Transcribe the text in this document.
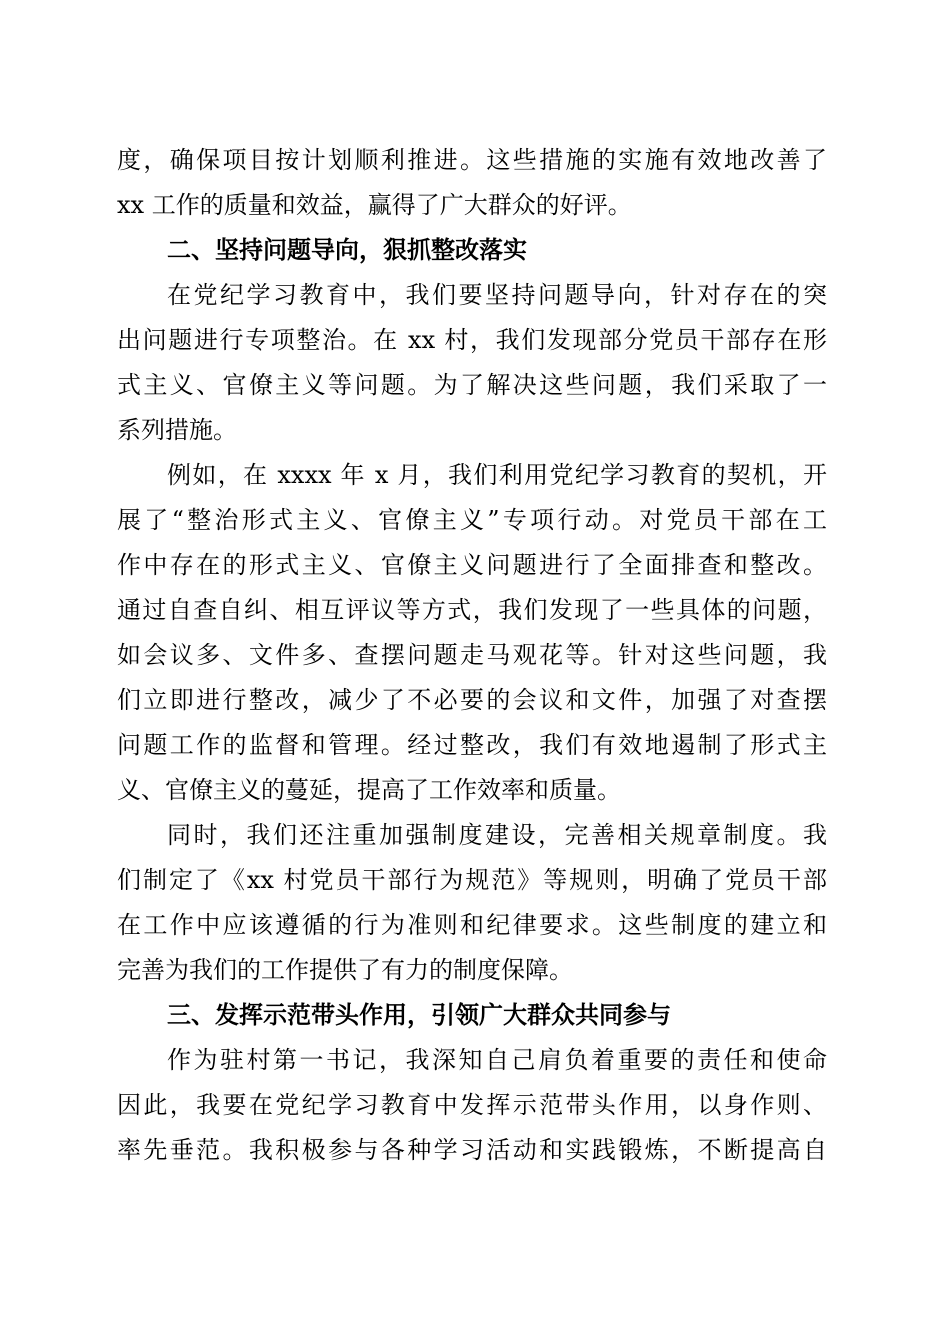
度，确保项目按计划顺利推进。这些措施的实施有效地改善了
xx 工作的质量和效益，赢得了广大群众的好评。
二、坚持问题导向，狠抓整改落实
在党纪学习教育中，我们要坚持问题导向，针对存在的突
出问题进行专项整治。在 xx 村，我们发现部分党员干部存在形
式主义、官僚主义等问题。为了解决这些问题，我们采取了一
系列措施。
例如，在 xxxx 年 x 月，我们利用党纪学习教育的契机，开
展了“整治形式主义、官僚主义”专项行动。对党员干部在工
作中存在的形式主义、官僚主义问题进行了全面排查和整改。
通过自查自纠、相互评议等方式，我们发现了一些具体的问题，
如会议多、文件多、查摆问题走马观花等。针对这些问题，我
们立即进行整改，减少了不必要的会议和文件，加强了对查摆
问题工作的监督和管理。经过整改，我们有效地遏制了形式主
义、官僚主义的蔓延，提高了工作效率和质量。
同时，我们还注重加强制度建设，完善相关规章制度。我
们制定了《xx 村党员干部行为规范》等规则，明确了党员干部
在工作中应该遵循的行为准则和纪律要求。这些制度的建立和
完善为我们的工作提供了有力的制度保障。
三、发挥示范带头作用，引领广大群众共同参与
作为驻村第一书记，我深知自己肩负着重要的责任和使命
因此，我要在党纪学习教育中发挥示范带头作用，以身作则、
率先垂范。我积极参与各种学习活动和实践锻炼，不断提高自
